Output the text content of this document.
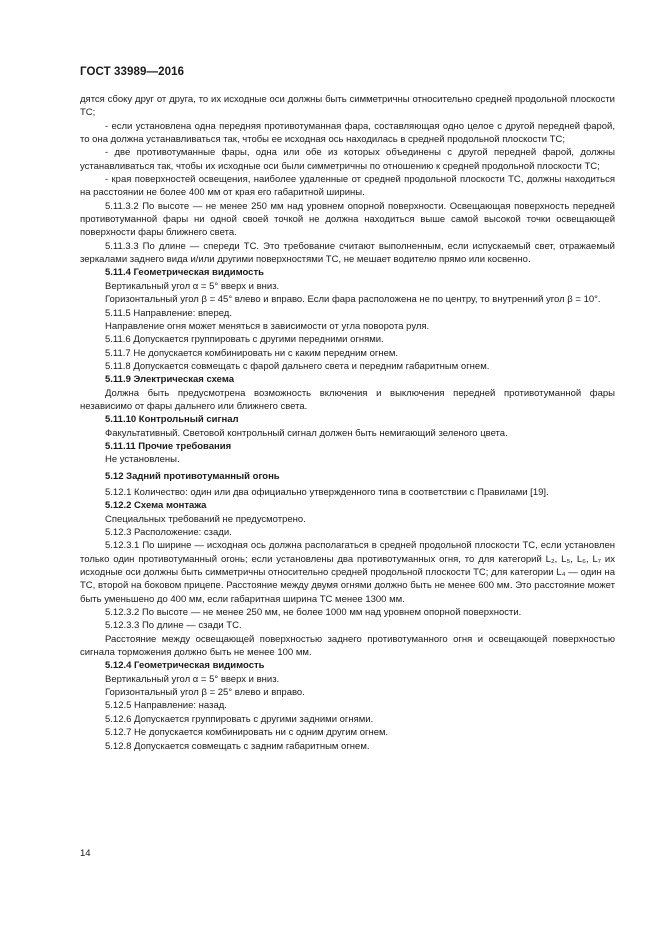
ГОСТ 33989—2016

дятся сбоку друг от друга, то их исходные оси должны быть симметричны относительно средней продольной плоскости ТС;

- если установлена одна передняя противотуманная фара, составляющая одно целое с другой передней фарой, то она должна устанавливаться так, чтобы ее исходная ось находилась в средней продольной плоскости ТС;

- две противотуманные фары, одна или обе из которых объединены с другой передней фарой, должны устанавливаться так, чтобы их исходные оси были симметричны по отношению к средней продольной плоскости ТС;

- края поверхностей освещения, наиболее удаленные от средней продольной плоскости ТС, должны находиться на расстоянии не более 400 мм от края его габаритной ширины.

5.11.3.2 По высоте — не менее 250 мм над уровнем опорной поверхности. Освещающая поверхность передней противотуманной фары ни одной своей точкой не должна находиться выше самой высокой точки освещающей поверхности фары ближнего света.

5.11.3.3 По длине — спереди ТС. Это требование считают выполненным, если испускаемый свет, отражаемый зеркалами заднего вида и/или другими поверхностями ТС, не мешает водителю прямо или косвенно.

5.11.4 Геометрическая видимость

Вертикальный угол α = 5° вверх и вниз.

Горизонтальный угол β = 45° влево и вправо. Если фара расположена не по центру, то внутренний угол β = 10°.

5.11.5 Направление: вперед.

Направление огня может меняться в зависимости от угла поворота руля.

5.11.6 Допускается группировать с другими передними огнями.

5.11.7 Не допускается комбинировать ни с каким передним огнем.

5.11.8 Допускается совмещать с фарой дальнего света и передним габаритным огнем.

5.11.9 Электрическая схема

Должна быть предусмотрена возможность включения и выключения передней противотуманной фары независимо от фары дальнего или ближнего света.

5.11.10 Контрольный сигнал

Факультативный. Световой контрольный сигнал должен быть немигающий зеленого цвета.

5.11.11 Прочие требования

Не установлены.

5.12 Задний противотуманный огонь

5.12.1 Количество: один или два официально утвержденного типа в соответствии с Правилами [19].

5.12.2 Схема монтажа

Специальных требований не предусмотрено.

5.12.3 Расположение: сзади.

5.12.3.1 По ширине — исходная ось должна располагаться в средней продольной плоскости ТС, если установлен только один противотуманный огонь; если установлены два противотуманных огня, то для категорий L₂, L₅, L₆, L₇ их исходные оси должны быть симметричны относительно средней продольной плоскости ТС; для категории L₄ — один на ТС, второй на боковом прицепе. Расстояние между двумя огнями должно быть не менее 600 мм. Это расстояние может быть уменьшено до 400 мм, если габаритная ширина ТС менее 1300 мм.

5.12.3.2 По высоте — не менее 250 мм, не более 1000 мм над уровнем опорной поверхности.

5.12.3.3 По длине — сзади ТС.

Расстояние между освещающей поверхностью заднего противотуманного огня и освещающей поверхностью сигнала торможения должно быть не менее 100 мм.

5.12.4 Геометрическая видимость

Вертикальный угол α = 5° вверх и вниз.

Горизонтальный угол β = 25° влево и вправо.

5.12.5 Направление: назад.

5.12.6 Допускается группировать с другими задними огнями.

5.12.7 Не допускается комбинировать ни с одним другим огнем.

5.12.8 Допускается совмещать с задним габаритным огнем.

14
